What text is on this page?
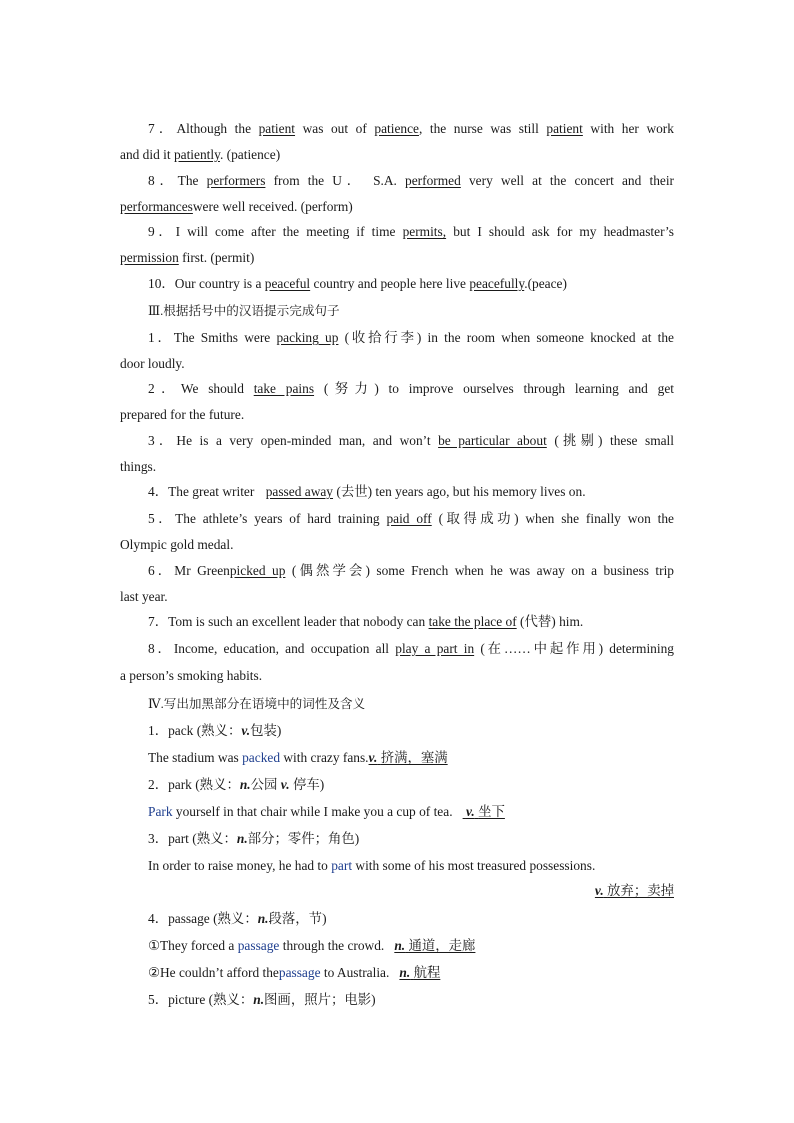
7．Although the patient was out of patience, the nurse was still patient with her work
and did it patiently. (patience)
8．The performers from the U． S.A. performed very well at the concert and their
performanceswere well received. (perform)
9．I will come after the meeting if time permits, but I should ask for my headmaster’s
permission first. (permit)
10．Our country is a peaceful country and people here live peacefully.(peace)
Ⅲ.根据括号中的汉语提示完成句子
1．The Smiths were packing up (收拾行李) in the room when someone knocked at the
door loudly.
2．We should take pains (努力) to improve ourselves through learning and get
prepared for the future.
3．He is a very open-minded man, and won’t be particular about (挑剔) these small
things.
4．The great writer passed away (去世) ten years ago, but his memory lives on.
5．The athlete’s years of hard training paid off (取得成功) when she finally won the
Olympic gold medal.
6．Mr Greenpicked up (偶然学会) some French when he was away on a business trip
last year.
7．Tom is such an excellent leader that nobody can take the place of (代替) him.
8．Income, education, and occupation all play a part in (在……中起作用) determining
a person’s smoking habits.
Ⅳ.写出加黑部分在语境中的词性及含义
1．pack (熟义：v.包装)
The stadium was packed with crazy fans.v. 挤满，塞满
2．park (熟义：n.公园 v. 停车)
Park yourself in that chair while I make you a cup of tea. v. 坐下
3．part (熟义：n.部分；零件；角色)
In order to raise money, he had to part with some of his most treasured possessions.
v. 放弃；卖掉
4．passage (熟义：n.段落，节)
①They forced a passage through the crowd. n. 通道，走廊
②He couldn’t afford thepassage to Australia. n. 航程
5．picture (熟义：n.图画，照片；电影)
